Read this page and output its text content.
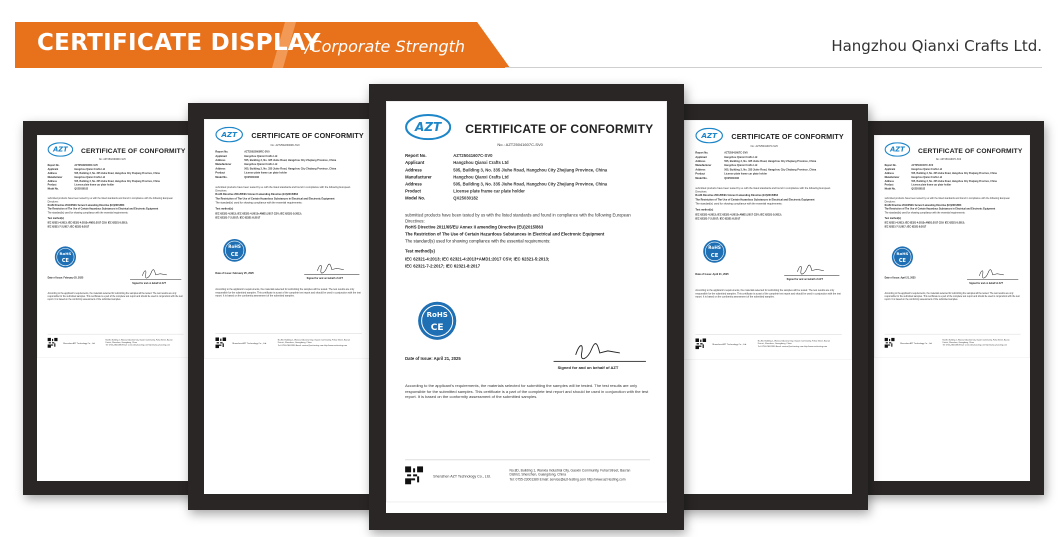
CERTIFICATE DISPLAY
/Corporate Strength	Hangzhou Qianxi Crafts Ltd.
AZT CERTIFICATE OF CONFORMITY
No.: AZT25022600RC-SV0
Report No.	AZT25022600RC-SV0
Applicant	Hangzhou Qianxi Crafts Ltd
Address	505, Building 3, No. 335 Jiuhe Road, Hangzhou City Zhejiang Province, China
Manufacturer	Hangzhou Qianxi Crafts Ltd
Address	505, Building 3, No. 335 Jiuhe Road, Hangzhou City Zhejiang Province, China
Product	License plate frame car plate holder
Model No.	QX25030182
submitted products have been tested by us with the listed standards and found in compliance with the following European Directives:
RoHS Directive 2011/65/EU Annex II amending Directive (EU)2015/863
The Restriction of The Use of Certain Hazardous Substances in Electrical and Electronic Equipment
The standard(s) used for showing compliance with the essential requirements:
Test method(s)
IEC 62321-4:2013; IEC 62321-4:2013+AMD1:2017 CSV; IEC 62321-5:2013;
IEC 62321-7-2:2017; IEC 62321-8:2017
RoHS
CE
Signed for and on behalf of AZT
Date of Issue: February 25, 2025
According to the applicant's requirements, the materials selected for submitting the samples will be tested. The test results are only responsible for the submitted samples. This certificate is a part of the complete test report and should be used in conjunction with the test report. It is based on the conformity assessment of the submitted samples.
Shenzhen AZT Technology Co., Ltd.
No.8D, Building 1, Wanxia Industrial City, Gaoxin Community, Fuhai Street, Bao'an
District, Shenzhen, Guangdong, China
Tel: 0755-23001380 Email: service@azt-testing.com http://www.azt-testing.com
AZT CERTIFICATE OF CONFORMITY
No.: AZT25041607C-SV0
Report No.	AZT25041607C-SV0
Applicant	Hangzhou Qianxi Crafts Ltd
Address	505, Building 3, No. 335 Jiuhe Road, Hangzhou City Zhejiang Province, China
Manufacturer	Hangzhou Qianxi Crafts Ltd
Address	505, Building 3, No. 335 Jiuhe Road, Hangzhou City Zhejiang Province, China
Product	License plate frame car plate holder
Model No.	QX25030182
submitted products have been tested by us with the listed standards and found in compliance with the following European Directives:
RoHS Directive 2011/65/EU Annex II amending Directive (EU)2015/863
The Restriction of The Use of Certain Hazardous Substances in Electrical and Electronic Equipment
The standard(s) used for showing compliance with the essential requirements:
Test method(s)
IEC 62321-4:2013; IEC 62321-4:2013+AMD1:2017 CSV; IEC 62321-5:2013;
IEC 62321-7-2:2017; IEC 62321-8:2017
RoHS
CE
Signed for and on behalf of AZT
Date of Issue: April 21, 2025
According to the applicant's requirements, the materials selected for submitting the samples will be tested. The test results are only responsible for the submitted samples. This certificate is a part of the complete test report and should be used in conjunction with the test report. It is based on the conformity assessment of the submitted samples.
Shenzhen AZT Technology Co., Ltd.
No.8D, Building 1, Wanxia Industrial City, Gaoxin Community, Fuhai Street, Bao'an
District, Shenzhen, Guangdong, China
Tel: 0755-23001380 Email: service@azt-testing.com http://www.azt-testing.com
AZT CERTIFICATE OF CONFORMITY
No.: AZT25022600RC-SV0
Report No.	AZT25022600RC-SV0
Applicant	Hangzhou Qianxi Crafts Ltd
Address	505, Building 3, No. 335 Jiuhe Road, Hangzhou City Zhejiang Province, China
Manufacturer	Hangzhou Qianxi Crafts Ltd
Address	505, Building 3, No. 335 Jiuhe Road, Hangzhou City Zhejiang Province, China
Product	License plate frame car plate holder
Model No.	QX25030182
submitted products have been tested by us with the listed standards and found in compliance with the following European Directives:
RoHS Directive 2011/65/EU Annex II amending Directive (EU)2015/863
The Restriction of The Use of Certain Hazardous Substances in Electrical and Electronic Equipment
The standard(s) used for showing compliance with the essential requirements:
Test method(s)
IEC 62321-4:2013; IEC 62321-4:2013+AMD1:2017 CSV; IEC 62321-5:2013;
IEC 62321-7-2:2017; IEC 62321-8:2017
RoHS
CE
Signed for and on behalf of AZT
Date of Issue: February 25, 2025
According to the applicant's requirements, the materials selected for submitting the samples will be tested. The test results are only responsible for the submitted samples. This certificate is a part of the complete test report and should be used in conjunction with the test report. It is based on the conformity assessment of the submitted samples.
Shenzhen AZT Technology Co., Ltd.
No.8D, Building 1, Wanxia Industrial City, Gaoxin Community, Fuhai Street, Bao'an
District, Shenzhen, Guangdong, China
Tel: 0755-23001380 Email: service@azt-testing.com http://www.azt-testing.com
AZT CERTIFICATE OF CONFORMITY
No.: AZT25041607C-SV0
Report No.	AZT25041607C-SV0
Applicant	Hangzhou Qianxi Crafts Ltd
Address	505, Building 3, No. 335 Jiuhe Road, Hangzhou City Zhejiang Province, China
Manufacturer	Hangzhou Qianxi Crafts Ltd
Address	505, Building 3, No. 335 Jiuhe Road, Hangzhou City Zhejiang Province, China
Product	License plate frame car plate holder
Model No.	QX25030182
submitted products have been tested by us with the listed standards and found in compliance with the following European Directives:
RoHS Directive 2011/65/EU Annex II amending Directive (EU)2015/863
The Restriction of The Use of Certain Hazardous Substances in Electrical and Electronic Equipment
The standard(s) used for showing compliance with the essential requirements:
Test method(s)
IEC 62321-4:2013; IEC 62321-4:2013+AMD1:2017 CSV; IEC 62321-5:2013;
IEC 62321-7-2:2017; IEC 62321-8:2017
RoHS
CE
Signed for and on behalf of AZT
Date of Issue: April 21, 2025
According to the applicant's requirements, the materials selected for submitting the samples will be tested. The test results are only responsible for the submitted samples. This certificate is a part of the complete test report and should be used in conjunction with the test report. It is based on the conformity assessment of the submitted samples.
Shenzhen AZT Technology Co., Ltd.
No.8D, Building 1, Wanxia Industrial City, Gaoxin Community, Fuhai Street, Bao'an
District, Shenzhen, Guangdong, China
Tel: 0755-23001380 Email: service@azt-testing.com http://www.azt-testing.com
AZT CERTIFICATE OF CONFORMITY
No.: AZT25041607C-SV0
Report No.	AZT25041607C-SV0
Applicant	Hangzhou Qianxi Crafts Ltd
Address	505, Building 3, No. 335 Jiuhe Road, Hangzhou City Zhejiang Province, China
Manufacturer	Hangzhou Qianxi Crafts Ltd
Address	505, Building 3, No. 335 Jiuhe Road, Hangzhou City Zhejiang Province, China
Product	License plate frame car plate holder
Model No.	QX25030182
submitted products have been tested by us with the listed standards and found in compliance with the following European Directives:
RoHS Directive 2011/65/EU Annex II amending Directive (EU)2015/863
The Restriction of The Use of Certain Hazardous Substances in Electrical and Electronic Equipment
The standard(s) used for showing compliance with the essential requirements:
Test method(s)
IEC 62321-4:2013; IEC 62321-4:2013+AMD1:2017 CSV; IEC 62321-5:2013;
IEC 62321-7-2:2017; IEC 62321-8:2017
RoHS
CE
Signed for and on behalf of AZT
Date of Issue: April 21, 2025
According to the applicant's requirements, the materials selected for submitting the samples will be tested. The test results are only responsible for the submitted samples. This certificate is a part of the complete test report and should be used in conjunction with the test report. It is based on the conformity assessment of the submitted samples.
Shenzhen AZT Technology Co., Ltd.
No.8D, Building 1, Wanxia Industrial City, Gaoxin Community, Fuhai Street, Bao'an
District, Shenzhen, Guangdong, China
Tel: 0755-23001380 Email: service@azt-testing.com http://www.azt-testing.com
